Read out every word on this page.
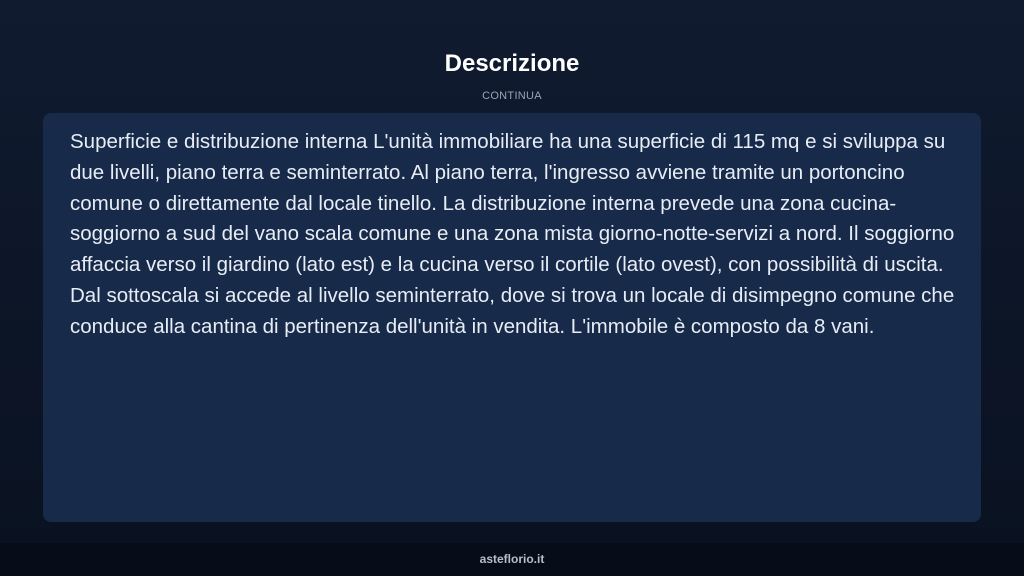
Descrizione
CONTINUA

Superficie e distribuzione interna L'unità immobiliare ha una superficie di 115 mq e si sviluppa su due livelli, piano terra e seminterrato. Al piano terra, l'ingresso avviene tramite un portoncino comune o direttamente dal locale tinello. La distribuzione interna prevede una zona cucina-soggiorno a sud del vano scala comune e una zona mista giorno-notte-servizi a nord. Il soggiorno affaccia verso il giardino (lato est) e la cucina verso il cortile (lato ovest), con possibilità di uscita. Dal sottoscala si accede al livello seminterrato, dove si trova un locale di disimpegno comune che conduce alla cantina di pertinenza dell'unità in vendita. L'immobile è composto da 8 vani.

asteflorio.it
